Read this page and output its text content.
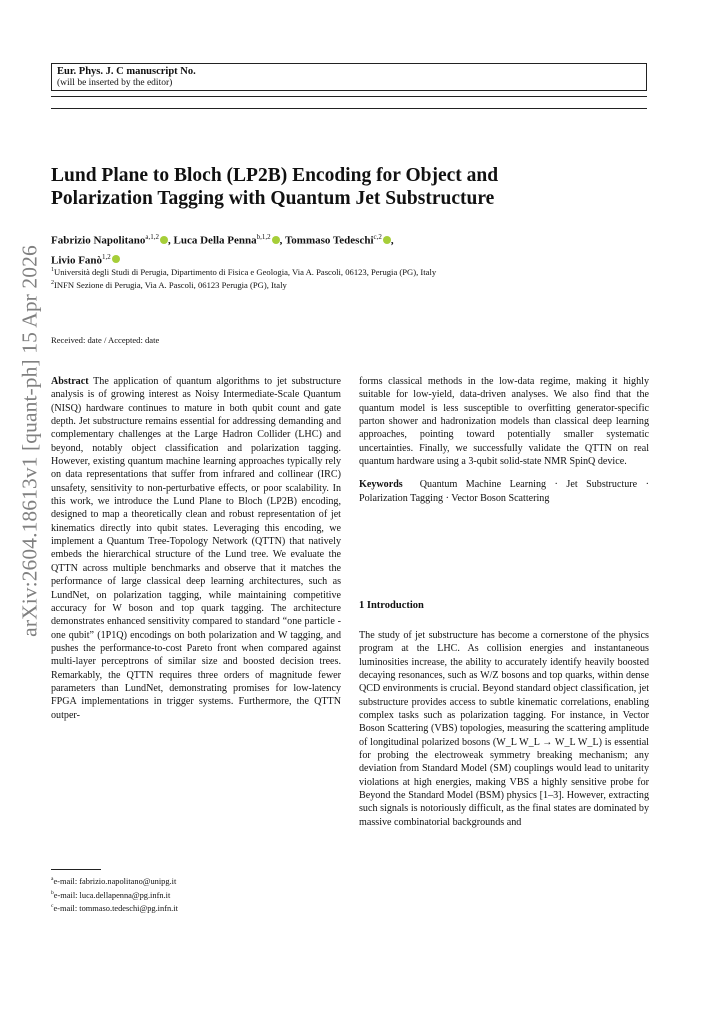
Eur. Phys. J. C manuscript No.
(will be inserted by the editor)
arXiv:2604.18613v1 [quant-ph] 15 Apr 2026
Lund Plane to Bloch (LP2B) Encoding for Object and
Polarization Tagging with Quantum Jet Substructure
Fabrizio Napolitano$^{a,1,2}$ , Luca Della Penna$^{b,1,2}$ , Tommaso Tedeschi$^{c,2}$ ,
Livio Fanò$^{1,2}$
$^1$Università degli Studi di Perugia, Dipartimento di Fisica e Geologia, Via A. Pascoli, 06123, Perugia (PG), Italy
$^2$INFN Sezione di Perugia, Via A. Pascoli, 06123 Perugia (PG), Italy
Received: date / Accepted: date

Abstract The application of quantum algorithms to jet substructure analysis is of growing interest as Noisy Intermediate-Scale Quantum (NISQ) hardware continues to mature in both qubit count and gate depth. Jet substructure remains essential for addressing demanding and complementary challenges at the Large Hadron Collider (LHC) and beyond, notably object classification and polarization tagging. However, existing quantum machine learning approaches typically rely on data representations that suffer from infrared and collinear (IRC) unsafety, sensitivity to non-perturbative effects, or poor scalability. In this work, we introduce the Lund Plane to Bloch (LP2B) encoding, designed to map a theoretically clean and robust representation of jet kinematics directly into qubit states. Leveraging this encoding, we implement a Quantum Tree-Topology Network (QTTN) that natively embeds the hierarchical structure of the Lund tree. We evaluate the QTTN across multiple benchmarks and observe that it matches the performance of large classical deep learning architectures, such as LundNet, on polarization tagging, while maintaining competitive accuracy for W boson and top quark tagging. The architecture demonstrates enhanced sensitivity compared to standard “one particle - one qubit” (1P1Q) encodings on both polarization and W tagging, and pushes the performance-to-cost Pareto front when compared against multi-layer perceptrons of similar size and boosted decision trees. Remarkably, the QTTN requires three orders of magnitude fewer parameters than LundNet, demonstrating promises for low-latency FPGA implementations in trigger systems. Furthermore, the QTTN outper-

forms classical methods in the low-data regime, making it highly suitable for low-yield, data-driven analyses. We also find that the quantum model is less susceptible to overfitting generator-specific parton shower and hadronization models than classical deep learning approaches, pointing toward potentially smaller systematic uncertainties. Finally, we successfully validate the QTTN on real quantum hardware using a 3-qubit solid-state NMR SpinQ device.

Keywords Quantum Machine Learning · Jet Substructure · Polarization Tagging · Vector Boson Scattering

1 Introduction
The study of jet substructure has become a cornerstone of the physics program at the LHC. As collision energies and instantaneous luminosities increase, the ability to accurately identify heavily boosted decaying resonances, such as W/Z bosons and top quarks, within dense QCD environments is crucial. Beyond standard object classification, jet substructure provides access to subtle kinematic correlations, enabling complex tasks such as polarization tagging. For instance, in Vector Boson Scattering (VBS) topologies, measuring the scattering amplitude of longitudinal polarized bosons (W_L W_L → W_L W_L) is essential for probing the electroweak symmetry breaking mechanism; any deviation from Standard Model (SM) couplings would lead to unitarity violations at high energies, making VBS a highly sensitive probe for Beyond the Standard Model (BSM) physics [1–3]. However, extracting such signals is notoriously difficult, as the final states are dominated by massive combinatorial backgrounds and
$^a$e-mail: fabrizio.napolitano@unipg.it
$^b$e-mail: luca.dellapenna@pg.infn.it
$^c$e-mail: tommaso.tedeschi@pg.infn.it
